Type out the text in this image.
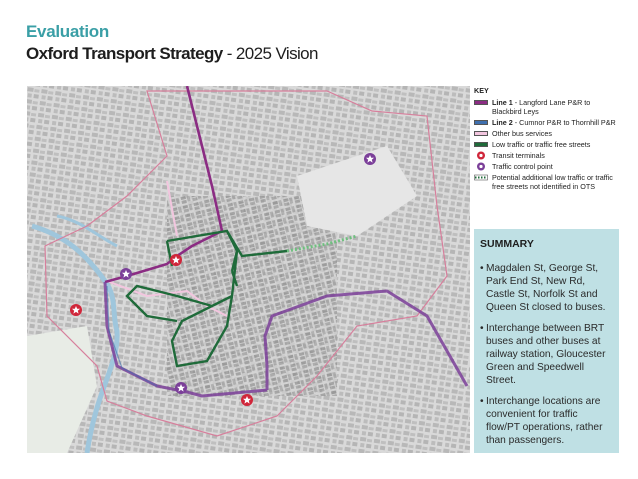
Evaluation
Oxford Transport Strategy - 2025 Vision
KEY
Line 1 - Langford Lane P&R to Blackbird Leys
Line 2 - Cumnor P&R to Thornhill P&R
Other bus services
Low traffic or traffic free streets
Transit terminals
Traffic control point
Potential additional low traffic or traffic free streets not identified in OTS
SUMMARY
• Magdalen St, George St, Park End St, New Rd, Castle St, Norfolk St and Queen St closed to buses.
• Interchange between BRT buses and other buses at railway station, Gloucester Green and Speedwell Street.
• Interchange locations are convenient for traffic flow/PT operations, rather than passengers.
